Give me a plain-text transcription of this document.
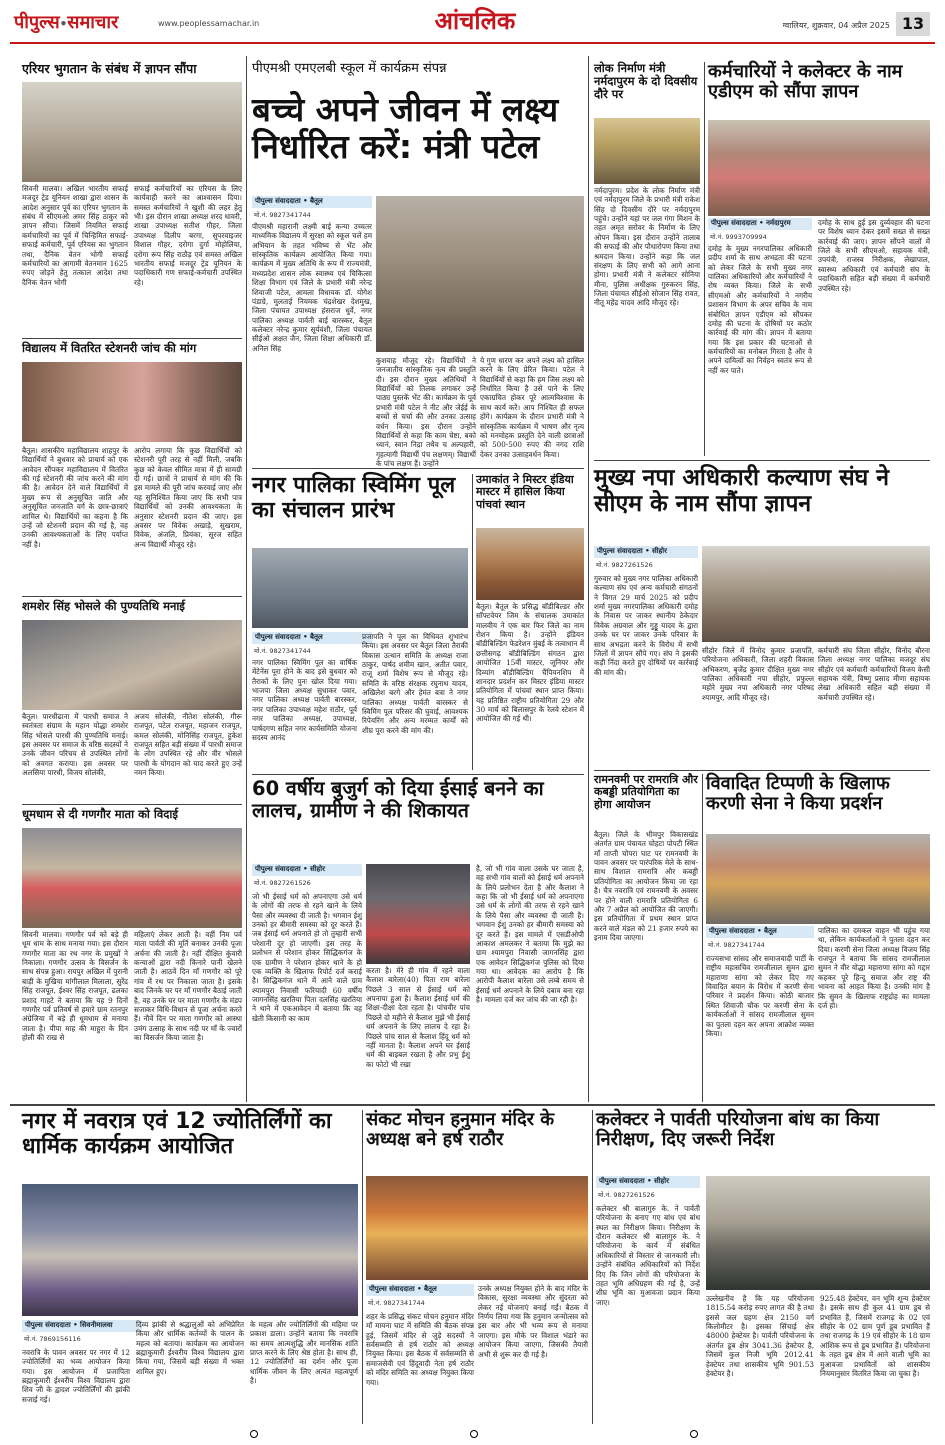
पीपुल्स•समाचार	www.peoplessamachar.in	आंचलिक	ग्वालियर, शुक्रवार, 04 अप्रैल 2025 13
एरियर भुगतान के संबंध में ज्ञापन सौंपा
सिवनी मालवा। अखिल भारतीय सफाई मजदूर ट्रेड यूनियन शाखा द्वारा शासन के आदेश अनुसार पूर्व का एरियर भुगतान के संबंध में सीएमओ अमर सिंह ठाकुर को ज्ञापन सौंपा। जिसमें नियमित सफाई कर्मचारियों का पूर्व में चिन्हिमित सफाई-सफाई कर्मचारी, पूर्व एरियस का भुगतान तथा, दैनिक वेतन भोगी सफाई कर्मचारियों का आगामी वेतनमान 1625 रुपए जोड़ने हेतु तत्काल आदेश तथा दैनिक वेतन भोगी
सफाई कर्मचारियों का एरियस के लिए कार्यवाही करने का आश्वासन दिया। समस्त कर्मचारियों ने खुशी की लहर हेतु भी। इस दौरान शाखा अध्यक्ष शरद धावरी, शाखा उपाध्यक्ष सतीश गौहर, जिला उपाध्यक्ष दिलीप बरगा, सुपरवाइजर विशाल गौहर, दरोगा दुर्गा मोहोलिया, दरोगा रूप सिंह राठौड़ एवं समस्त अखिल भारतीय सफाई मजदूर ट्रेड यूनियन के पदाधिकारी गण सफाई-कर्मचारी उपस्थित रहे।
विद्यालय में वितरित स्टेशनरी जांच की मांग
बैतूल। शासकीय महाविद्यालय शाहपुर के विद्यार्थियों ने बुधवार को प्राचार्य को एक आवेदन सौंपकर महाविद्यालय में वितरित की गई स्टेशनरी की जांच करने की मांग की है। आवेदन देने वाले विद्यार्थियों में मुख्य रूप से अनुसूचित जाति और अनुसूचित जनजाति वर्ग के छात्र-छात्राएं शामिल थे। विद्यार्थियों का कहना है कि उन्हें जो स्टेशनरी प्रदान की गई है, वह उनकी आवश्यकताओं के लिए पर्याप्त नहीं है।
आरोप लगाया कि कुछ विद्यार्थियों को स्टेशनरी पूरी तरह से नहीं मिली, जबकि कुछ को केवल सीमित मात्रा में ही सामग्री दी गई। छात्रों ने प्राचार्य से मांग की कि इस मामले की पूरी जांच करवाई जाए और यह सुनिश्चित किया जाए कि सभी पात्र विद्यार्थियों को उनकी आवश्यकता के अनुसार स्टेशनरी प्रदान की जाए। इस अवसर पर विवेक अखाड़े, सुखराम, विवेक, अंजलि, प्रियंका, सूरज सहित अन्य विद्यार्थी मौजूद रहे।
शमशेर सिंह भोसले की पुण्यतिथि मनाई
बैतूल। पारधीढाना में पारधी समाज ने स्वतंत्रता संग्राम के महान योद्धा शमशेर सिंह भोसले पारधी की पुण्यतिथि मनाई। इस अवसर पर समाज के वरिष्ठ सदस्यों ने उनके जीवन परिचय से उपस्थित लोगों को अवगत कराया। इस अवसर पर अलसिया पारधी, विजय सोलंकी,
अजय सोलंकी, नीतेश सोलंकी, गीरू राजपूत, पटेल राजपूत, महाजन राजपूत, कमल सोलंकी, मोनिसिंह राजपूत, हुकेश राजपूत सहित बड़ी संख्या में पारधी समाज के लोग उपस्थित रहे और वीर भोसले पारधी के योगदान को याद करते हुए उन्हें नमन किया।
धूमधाम से दी गणगौर माता को विदाई
सिवनी मालवा। गणगौर पर्व को बड़े ही धूम धाम के साथ मनाया गया। इस दौरान गणगौर माता का रथ नगर के प्रमुखों ने निकाला। गणगौर उत्सव के विसर्जन के साथ संपन्न हुआ। रायपुर अखिल में पुरानी बाड़ी के मुखिया मांगीलाल मिलाला, सुरेंद्र सिंह राजपूत, ईश्वर सिंह राजपूत, ढलका प्रशाद गाहटे ने बताया कि यह 9 दिनों गणगौर पर्व प्रतिवर्ष से हमारे ग्राम रतनपुर अंग्रेजिया में बड़े ही धूमधाम से मनाया जाता है। पीपा माह की माहुरा के दिन होली की राख से
महिलाएं लेकर आती है। वहीं निम पर्व माता पार्वती की मूर्ति बनाकर उनकी पूजा अर्चना की जाती है। नहीं दीक्षित कुंवारी कन्याओं द्वारा नदी किनारे पानी खेलने जाती है। आठवें दिन माँ गणगौर को पूरे गांव में रथ पर निकाला जाता है। इसके बाद जिनके घर पर माँ गणगौर बैठाई जाती है, वह उनके घर पर माता गणगौर के मंडप सजाकर विधि-विधान से पूजा अर्चना करते हैं। नौवें दिन पर माता गणगौर को आस्था उमंग उत्साह के साथ नदी पर माँ के ज्वारों का विसर्जन किया जाता है।
पीएमश्री एमएलबी स्कूल में कार्यक्रम संपन्न
बच्चे अपने जीवन में लक्ष्य निर्धारित करें: मंत्री पटेल
पीपुल्स संवाददाता • बैतूल
मो.नं. 9827341744
पीएमश्री महारानी लक्ष्मी बाई कन्या उच्चतर माध्यमिक विद्यालय में सुरक्षा को स्कूल चलें हम अभियान के तहत भविष्य से भेंट और सांस्कृतिक कार्यक्रम आयोजित किया गया। कार्यक्रम में मुख्य अतिथि के रूप में राज्यमंत्री, मध्यप्रदेश शासन लोक स्वास्थ्य एवं चिकित्सा शिक्षा विभाग एवं जिले के प्रभारी मंत्री नरेन्द्र शिवाजी पटेल, आमला विधायक डॉ. योगेश पंडाग्रे, मुलताई नियमक चंद्रशेखर देशमुख, जिला पंचायत उपाध्यक्ष हंसराज धुर्वे, नगर पालिका अध्यक्ष पार्वती बाई बारस्कर, बैतूल कलेक्टर नरेन्द्र कुमार सूर्यवंशी, जिला पंचायत सीईओ अक्षत जैन, जिला शिक्षा अधिकारी डॉ. अनिल सिंह
कुशवाह मौजूद रहे। विद्यार्थियों ने जनजातीय सांस्कृतिक नृत्य की प्रस्तुति दी। इस दौरान मुख्य अतिथियों ने विद्यार्थियों को तिलक लगाकर उन्हें पाठ्य पुस्तकें भेंट की। कार्यक्रम के पूर्व प्रभारी मंत्री पटेल ने नीट और जेईई के बच्चों से चर्चा की और उनका उत्साह वर्धन किया। इस दौरान उन्होंने विद्यार्थियों से कहा कि काम चेष्टा, बको ध्यानं, स्वान निद्रा तथैव च अल्पहारी, गृहत्यागी विद्यार्थी पंच लक्षणम्। विद्यार्थी के पांच लक्षण हैं। उन्होंने
ये गुण धारण कर अपने लक्ष्य को हासिल करने के लिए प्रेरित किया। पटेल ने विद्यार्थियों से कहा कि हम जिस लक्ष्य को निर्धारित किया है उसे पाने के लिए एकाग्रचित होकर पूरे आत्मविश्वास के साथ कार्य करें। आप निश्चित ही सफल होंगे। कार्यक्रम के दौरान प्रभारी मंत्री ने सांस्कृतिक कार्यक्रम में भाषण और नृत्य को मनमोहक प्रस्तुति देने वाली छात्राओं को 500-500 रुपए की नगद राशि देकर उनका उत्साहवर्धन किया।
नगर पालिका स्विमिंग पूल का संचालन प्रारंभ
पीपुल्स संवाददाता • बैतूल
मो.नं. 9827341744
नगर पालिका स्विमिंग पूल का वार्षिक मेंटेनेंस पूरा होने के बाद इसे बुधवार को तैराकों के लिए पुनः खोल दिया गया। भाजपा जिला अध्यक्ष सुधाकर पवार, नगर पालिका अध्यक्ष पार्वती बारस्कर, नगर पालिका उपाध्यक्ष महेश राठौर, पूर्व नगर पालिका अध्यक्ष, उपाध्यक्ष, पार्षदगण सहित नगर कार्यसमिति योजना सदस्य आनंद
प्रजापति ने पूल का विधिवत शुभारंभ किया। इस अवसर पर बैतूल जिला तैराकी विकास उत्थान समिति के अध्यक्ष राजा ठाकुर, पार्षद शमीम खान, अतीत पवार, राजू शर्मा विशेष रूप से मौजूद रहे। समिति के वरिष्ठ संरक्षक रघुनाथ यादव, अखिलेश बरगे और हेमंत बत्रा ने नगर पालिका अध्यक्ष पार्वती बारस्कर से स्विमिंग पूल परिसर की घुवाई, आवश्यक रिपेयरिंग और अन्य मरम्मत कार्यों को शीघ्र पूरा करने की मांग की।
उमाकांत ने मिस्टर इंडिया मास्टर में हासिल किया पांचवां स्थान
बैतूल। बैतूल के प्रसिद्ध बॉडीबिल्डर और सॉफ्टवेयर जिम के संचालक उमाकांत मालवीय ने एक बार फिर जिले का नाम रोशन किया है। उन्होंने इंडियन बॉडीबिल्डिंग फेडरेशन मुंबई के तत्वाधान में छत्तीसगढ़ बॉडीबिल्डिंग संगठन द्वारा आयोजित 15वीं मास्टर, जूनियर और दिव्यांग बॉडीबिल्डिंग चैंपियनशिप में शानदार प्रदर्शन कर मिस्टर इंडिया मास्टर प्रतियोगिता में पांचवां स्थान प्राप्त किया। यह प्रतिष्ठित राष्ट्रीय प्रतियोगिता 29 और 30 मार्च को बिलासपुर के रेलवे स्टेशन में आयोजित की गई थी।
60 वर्षीय बुजुर्ग को दिया ईसाई बनने का लालच, ग्रामीण ने की शिकायत
पीपुल्स संवाददाता • सीहोर
मो.नं. 9827261526
जो भी ईसाई धर्म को अपनाएगा उसे धर्म के लोगों की तरफ से रहने खाने के लिये पैसा और व्यवस्था दी जाती है। भगवान ईशु उनको हर बीमारी समस्या को दूर करते हैं। जब ईसाई धर्म अपनाते हो तो तुम्हारी सभी परेशानी दूर हो जाएगी। इस तरह के प्रलोभन से परेशान होकर सिद्धिकगंज के एक ग्रामीण ने परेशान होकर थाने के हो एक व्यक्ति के खिलाफ रिपोर्ट दर्ज कराई है। सिद्धिकगंज थाने में आने वाले ग्राम श्यामपुरा निवासी फरियादी 60 वर्षीय जागनसिंह खरतिया पिता दलसिंह खरतिया ने थाने में एकआवेदन में बताया कि वह खेती किसानी का काम
करता है। मेरे ही गांव में रहने वाला कैलाश बारेला(40) पिता राम बारेला पिछले 3 साल से ईसाई धर्म को अपनाया हुआ है। कैलाश ईसाई धर्म की शिक्षा-दीक्षा देता रहता है। पांचवीर पांच पिछले दो महीने से कैलाश मुझे भी ईसाई धर्म अपनाने के लिए लालच दे रहा है। पिछले पांच साल से कैलाश हिंदू धर्म को नहीं मानता है। कैलाश अपने घर ईसाई धर्म की बाइबल रखता है और प्रभु ईशु का फोटो भी रखा
है, जो भी गांव वाला उसके घर जाता है, वह सभी गांव वालों को ईसाई धर्म अपनाने के लिये प्रलोभन देता है और कैलाश ने कहा कि जो भी ईसाई धर्म को अपनाएगा उसे धर्म के लोगों की तरफ से रहने खाने के लिये पैसा और व्यवस्था दी जाती है। भगवान ईशु उनको हर बीमारी समस्या को दूर करते हैं। इस मामले में एसडीओपी आकाश अमलकर ने बताया कि मुझे का ग्राम श्यामपुरा निवासी जागनसिंह द्वारा एक आवेदन सिद्धिकगंज पुलिस को दिया गया था। आवेदक का आरोप है कि आरोपी कैलाश बारेला उसे लम्बे समय से ईसाई धर्म अपनाने के लिये दबाव बना रहा है। मामला दर्ज कर जांच की जा रही है।
लोक निर्माण मंत्री नर्मदापुरम के दो दिवसीय दौरे पर
नर्मदापुरम। प्रदेश के लोक निर्माण मंत्री एवं नर्मदापुरम जिले के प्रभारी मंत्री राकेश सिंह दो दिवसीय दौरे पर नर्मदापुरम पहुंचे। उन्होंने यहां पर जल गंगा मिशन के तहत अमृत सरोवर के निर्माण के लिए ओपन किया। इस दौरान उन्होंने तालाब की सफाई की और पौधारोपण किया तथा श्रमदान किया। उन्होंने कहा कि जल संरक्षण के लिए सभी को आगे आना होगा। प्रभारी मंत्री ने कलेक्टर सोनिया मीना, पुलिस अधीक्षक गुरुकरन सिंह, जिला पंचायत सीईओ सोजान सिंह रावत, नीतू महेंद्र यादव आदि मौजूद रहे।
कर्मचारियों ने कलेक्टर के नाम एडीएम को सौंपा ज्ञापन
पीपुल्स संवाददाता • नर्मदापुरम
मो.नं. 9993709994
दमोह के मुख्य नगरपालिका अधिकारी प्रदीप शर्मा के साथ अभद्रता की घटना को लेकर जिले के सभी मुख्य नगर पालिका अधिकारियों और कर्मचारियों ने रोष व्यक्त किया। जिले के सभी सीएमओ और कर्मचारियों ने नगरीय प्रशासन विभाग के अपर सचिव के नाम संबोधित ज्ञापन एडीएम को सौंपकर दमोह की घटना के दोषियों पर कठोर कार्रवाई की मांग की। ज्ञापन में बताया गया कि इस प्रकार की घटनाओं से कर्मचारियों का मनोबल गिरता है और वे अपने दायित्वों का निर्वहन स्वतंत्र रूप से नहीं कर पाते।
दमोह के साथ हुई इस दुर्व्यवहार की घटना पर विशेष ध्यान देकर इसमें सख्त से सख्त कार्रवाई की जाए। ज्ञापन सौंपने वालों में जिले के सभी सीएमओ, सहायक यंत्री, उपयंत्री, राजस्व निरीक्षक, लेखापाल, स्वास्थ्य अधिकारी एवं कर्मचारी संघ के पदाधिकारी सहित बड़ी संख्या में कर्मचारी उपस्थित रहे।
मुख्य नपा अधिकारी कल्याण संघ ने सीएम के नाम सौंपा ज्ञापन
पीपुल्स संवाददाता • सीहोर
मो.नं. 9827261526
गुरुवार को मुख्य नगर पालिका अधिकारी कल्याण संघ एवं अन्य कर्मचारी संगठनों ने विगत 29 मार्च 2025 को प्रदीप शर्मा मुख्य नगरपालिका अधिकारी दमोह के निवास पर जाकर स्थानीय ठेकेदार विवेक अग्रवाल और गुड्डू यादव के द्वारा उनके घर पर जाकर उनके परिवार के साथ अभद्रता करने के विरोध में सभी जिलों में ज्ञापन सौंपे गए। संघ ने इसकी कड़ी निंदा करते हुए दोषियों पर कार्रवाई की मांग की।
सीहोर जिले में विनोद कुमार प्रजापति, परियोजना अधिकारी, जिला शहरी विकास अभिकरण, बृजेंद्र कुमार दीक्षित मुख्य नगर पालिका अधिकारी नपा सीहोर, प्रफुल्ल महोरे मुख्य नपा अधिकारी नगर परिषद श्यामपुर, आदि मौजूद रहे।
कर्मचारी संघ जिला सीहोर, विनोद बौरना जिला अध्यक्ष नगर पालिका मजदूर संघ सीहोर एवं कर्मचारी कर्मचारियों विजय केसी सहायक यंत्री, विष्णु प्रसाद मीणा सहायक लेखा अधिकारी सहित बड़ी संख्या में कर्मचारी उपस्थित रहे।
रामनवमी पर रामरात्रि और कबड्डी प्रतियोगिता का होगा आयोजन
बैतूल। जिले के भीमपुर विकासखंड अंतर्गत ग्राम पंचायत चोहटा पोपटी स्थित माँ ताप्ती चोपरा घाट पर रामनवमी के पावन अवसर पर पारंपरिक मेले के साथ-साथ विशाल रामरात्रि और कबड्डी प्रतियोगिता का आयोजन किया जा रहा है। चैत्र नवरात्रि एवं रामनवमी के अवसर पर होने वाली रामरात्रि प्रतियोगिता 6 और 7 अप्रैल को आयोजित की जाएगी। इस प्रतियोगिता में प्रथम स्थान प्राप्त करने वाले मंडल को 21 हजार रुपये का इनाम दिया जाएगा।
विवादित टिप्पणी के खिलाफ करणी सेना ने किया प्रदर्शन
पीपुल्स संवाददाता • बैतूल
मो.नं. 9827341744
राज्यसभा सांसद और समाजवादी पार्टी के राष्ट्रीय महासचिव रामजीलाल सुमन द्वारा महाराणा सांगा को लेकर दिए गए विवादित बयान के विरोध में करणी सेना परिवार ने प्रदर्शन किया। कोठी बाजार स्थित शिवाजी चौक पर करणी सेना के कार्यकर्ताओं ने सांसद रामजीलाल सुमन का पुतला दहन कर अपना आक्रोश व्यक्त किया।
पालिका का दमकल वाहन भी पहुंच गया था, लेकिन कार्यकर्ताओं ने पुतला दहन कर दिया। करणी सेना जिला अध्यक्ष विजय सिंह राजपूत ने बताया कि सांसद रामजीलाल सुमन ने वीर योद्धा महाराणा सांगा को गद्दार कहकर पूरे हिन्दू समाज और राष्ट्र की भावना को आहत किया है। उनकी मांग है कि सुमन के खिलाफ राष्ट्रद्रोह का मामला दर्ज हो।
नगर में नवरात्र एवं 12 ज्योतिर्लिंगों का धार्मिक कार्यक्रम आयोजित
पीपुल्स संवाददाता • सिवनीमालवा
मो.नं. 7869156116
नवरात्रि के पावन अवसर पर नगर में 12 ज्योतिर्लिंगों का भव्य आयोजन किया गया। इस आयोजन में प्रजापिता ब्रह्माकुमारी ईश्वरीय विश्व विद्यालय द्वारा शिव जी के द्वादश ज्योतिर्लिंगों की झांकी सजाई गई।
दिव्य झांकी से श्रद्धालुओं को अभिप्रेरित किया और धार्मिक कर्तव्यों के पालन के महत्व को बताया। कार्यक्रम का आयोजन ब्रह्माकुमारी ईश्वरीय विश्व विद्यालय द्वारा किया गया, जिसमें बड़ी संख्या में भक्त शामिल हुए।
के महत्व और ज्योतिर्लिंगों की महिमा पर प्रकाश डाला। उन्होंने बताया कि नवरात्रि का समय आत्मशुद्धि और मानसिक शांति प्राप्त करने के लिए श्रेष्ठ होता है। साथ ही, 12 ज्योतिर्लिंगों का दर्शन और पूजा धार्मिक जीवन के लिए अत्यंत महत्वपूर्ण है।
संकट मोचन हनुमान मंदिर के अध्यक्ष बने हर्ष राठौर
पीपुल्स संवाददाता • बैतूल
मो.नं. 9827341744
शहर के प्रसिद्ध संकट मोचन हनुमान मंदिर माँ मायना घाट में समिति की बैठक संपन्न हुई, जिसमें मंदिर से जुड़े सदस्यों ने सर्वसम्मति से हर्ष राठौर को अध्यक्ष नियुक्त किया। इस बैठक में सर्वसम्मति से समाजसेवी एवं हिंदूवादी नेता हर्ष राठौर को मंदिर समिति का अध्यक्ष नियुक्त किया गया।
उनके अध्यक्ष नियुक्त होने के बाद मंदिर के विकास, सुरक्षा व्यवस्था और सुंदरता को लेकर नई योजनाएं बनाई गईं। बैठक में निर्णय लिया गया कि हनुमान जन्मोत्सव को इस बार और भी भव्य रूप से मनाया जाएगा। इस मौके पर विशाल भंडारे का आयोजन किया जाएगा, जिसकी तैयारी अभी से शुरू कर दी गई है।
कलेक्टर ने पार्वती परियोजना बांध का किया निरीक्षण, दिए जरूरी निर्देश
पीपुल्स संवाददाता • सीहोर
मो.नं. 9827261526
कलेक्टर श्री बालागुरु के. ने पार्वती परियोजना के बनाए गए बांध एवं बांध स्थल का निरीक्षण किया। निरीक्षण के दौरान कलेक्टर श्री बालागुरु के. ने परियोजना के कार्य में संबंधित अधिकारियों से विस्तार से जानकारी ली। उन्होंने संबंधित अधिकारियों को निर्देश दिए कि जिन लोगों की परियोजना के तहत भूमि अधिग्रहण की गई है, उन्हें शीघ्र भूमि का मुआवजा प्रदान किया जाए।	उल्लेखनीय है कि यह परियोजना 1815.54 करोड़ रुपए लागत की है तथा इससे जल ग्रहण क्षेत्र 2150 वर्ग किलोमीटर है। इसका सिंचाई क्षेत्र 48000 हेक्टेयर है। पार्वती परियोजना के अंतर्गत डूब क्षेत्र 3041.36 हेक्टेयर है, जिसमें कुल निजी भूमि 2012.41 हेक्टेयर तथा शासकीय भूमि 901.53 हेक्टेयर है।
925.48 हेक्टेयर, वन भूमि शून्य हेक्टेयर है। इसके साथ ही कुल 41 ग्राम डूब से प्रभावित हैं, जिसमें राजगढ़ के 02 एवं सीहोर के 02 ग्राम पूर्ण डूब प्रभावित हैं तथा राजगढ़ के 19 एवं सीहोर के 18 ग्राम आंशिक रूप से डूब प्रभावित हैं। परियोजना के तहत डूब क्षेत्र में आने वाली भूमि का मुआवजा प्रभावितों को शासकीय नियमानुसार वितरित किया जा चुका है।
